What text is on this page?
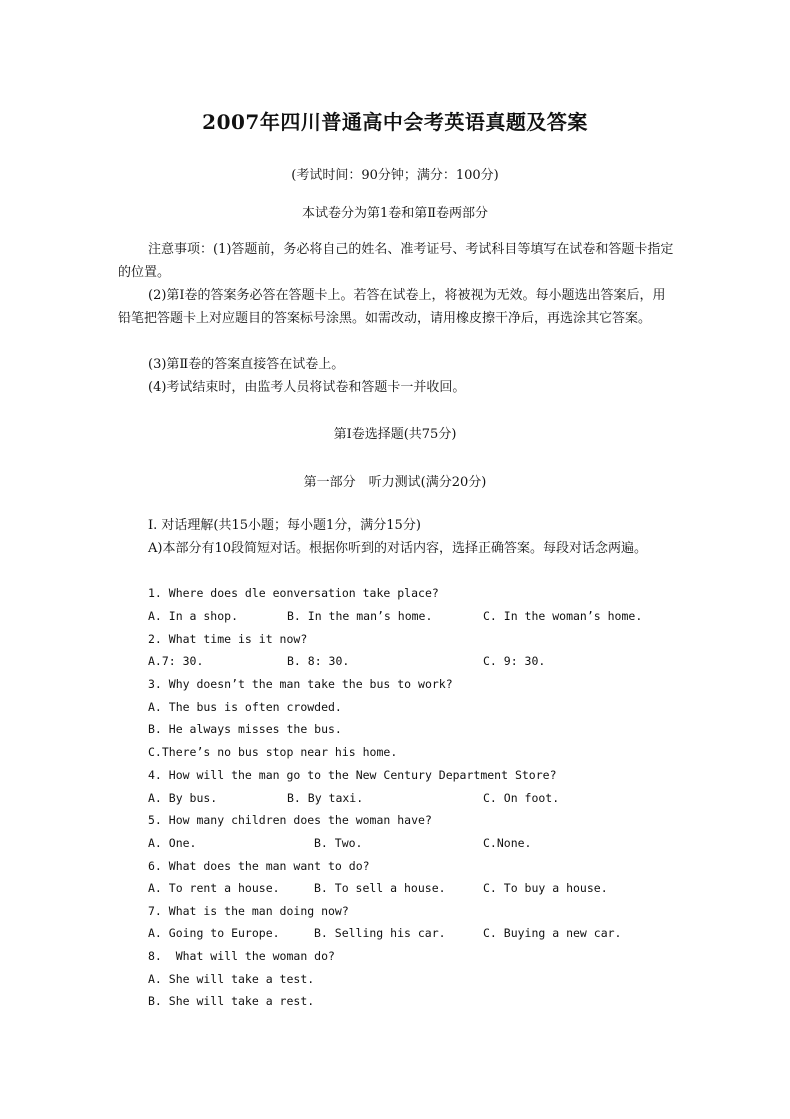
2007年四川普通高中会考英语真题及答案
(考试时间：90分钟；满分：100分)
本试卷分为第1卷和第Ⅱ卷两部分
注意事项：(1)答题前，务必将自己的姓名、准考证号、考试科目等填写在试卷和答题卡指定的位置。
(2)第Ⅰ卷的答案务必答在答题卡上。若答在试卷上，将被视为无效。每小题选出答案后，用铅笔把答题卡上对应题目的答案标号涂黑。如需改动，请用橡皮擦干净后，再选涂其它答案。
(3)第Ⅱ卷的答案直接答在试卷上。
(4)考试结束时，由监考人员将试卷和答题卡一并收回。
第Ⅰ卷选择题(共75分)
第一部分　听力测试(满分20分)
Ⅰ. 对话理解(共15小题；每小题1分，满分15分)
A)本部分有10段简短对话。根据你听到的对话内容，选择正确答案。每段对话念两遍。
1. Where does dle eonversation take place?
A. In a shop.	B. In the man’s home.	C. In the woman’s home.
2. What time is it now?
A.7: 30.	B. 8: 30.	C. 9: 30.
3. Why doesn’t the man take the bus to work?
A. The bus is often crowded.
B. He always misses the bus.
C.There’s no bus stop near his home.
4. How will the man go to the New Century Department Store?
A. By bus.	B. By taxi.	C. On foot.
5. How many children does the woman have?
A. One.	B. Two.	C.None.
6. What does the man want to do?
A. To rent a house.	B. To sell a house.	C. To buy a house.
7. What is the man doing now?
A. Going to Europe.	B. Selling his car.	C. Buying a new car.
8.  What will the woman do?
A. She will take a test.
B. She will take a rest.
